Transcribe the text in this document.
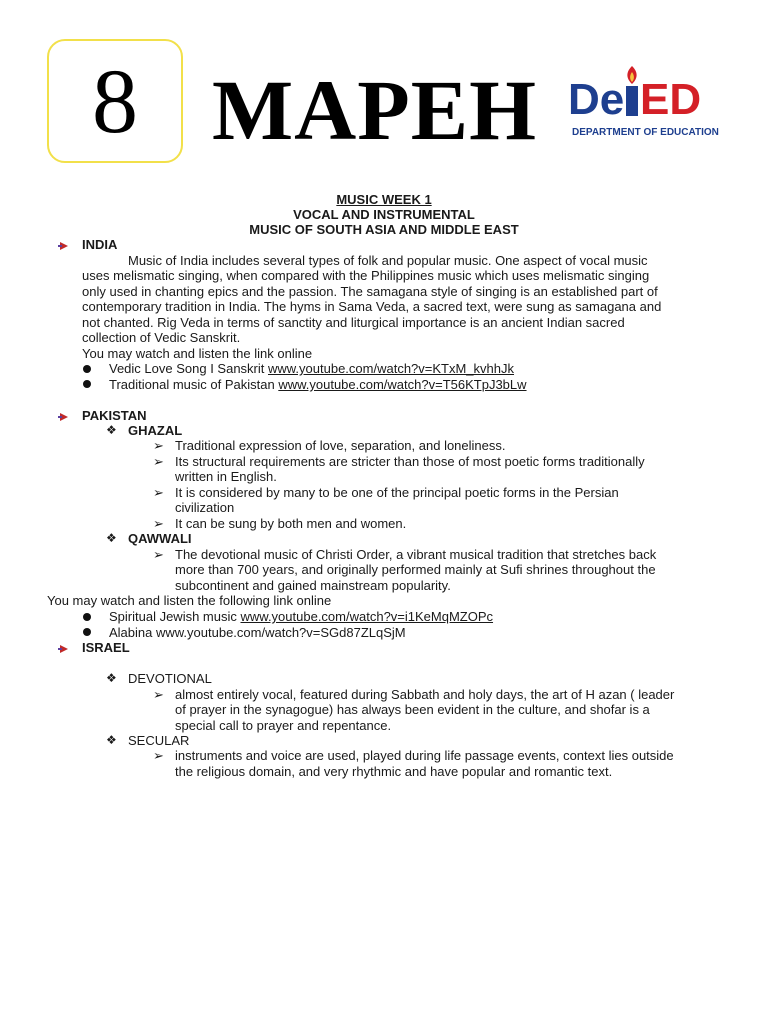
8 MAPEH De ED
DEPARTMENT OF EDUCATION
MUSIC WEEK 1
VOCAL AND INSTRUMENTAL
MUSIC OF SOUTH ASIA AND MIDDLE EAST
INDIA
Music of India includes several types of folk and popular music. One aspect of vocal music
uses melismatic singing, when compared with the Philippines music which uses melismatic singing
only used in chanting epics and the passion. The samagana style of singing is an established part of
contemporary tradition in India. The hyms in Sama Veda, a sacred text, were sung as samagana and
not chanted. Rig Veda in terms of sanctity and liturgical importance is an ancient Indian sacred
collection of Vedic Sanskrit.
You may watch and listen the link online
Vedic Love Song I Sanskrit www.youtube.com/watch?v=KTxM_kvhhJk
Traditional music of Pakistan www.youtube.com/watch?v=T56KTpJ3bLw
PAKISTAN
❖ GHAZAL
➢ Traditional expression of love, separation, and loneliness.
➢ Its structural requirements are stricter than those of most poetic forms traditionally
written in English.
➢ It is considered by many to be one of the principal poetic forms in the Persian
civilization
➢ It can be sung by both men and women.
❖ QAWWALI
➢ The devotional music of Christi Order, a vibrant musical tradition that stretches back
more than 700 years, and originally performed mainly at Sufi shrines throughout the
subcontinent and gained mainstream popularity.
You may watch and listen the following link online
Spiritual Jewish music www.youtube.com/watch?v=i1KeMqMZOPc
Alabina www.youtube.com/watch?v=SGd87ZLqSjM
ISRAEL
❖ DEVOTIONAL
➢ almost entirely vocal, featured during Sabbath and holy days, the art of H azan ( leader
of prayer in the synagogue) has always been evident in the culture, and shofar is a
special call to prayer and repentance.
❖ SECULAR
➢ instruments and voice are used, played during life passage events, context lies outside
the religious domain, and very rhythmic and have popular and romantic text.
